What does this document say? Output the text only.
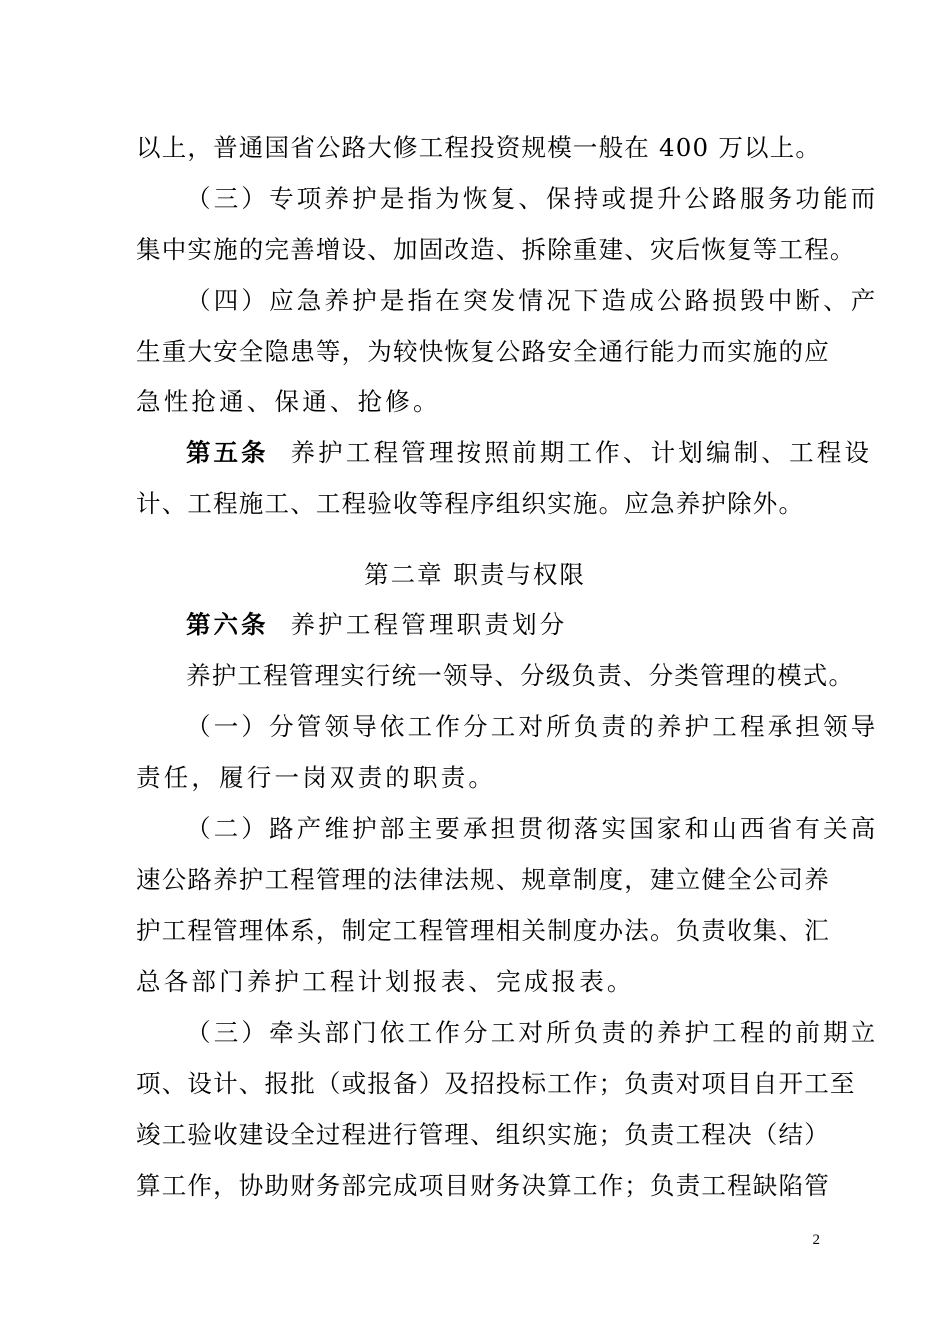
以上，普通国省公路大修工程投资规模一般在 400 万以上。
（三）专项养护是指为恢复、保持或提升公路服务功能而
集中实施的完善增设、加固改造、拆除重建、灾后恢复等工程。
（四）应急养护是指在突发情况下造成公路损毁中断、产
生重大安全隐患等，为较快恢复公路安全通行能力而实施的应
急性抢通、保通、抢修。
第五条 养护工程管理按照前期工作、计划编制、工程设
计、工程施工、工程验收等程序组织实施。应急养护除外。
第二章 职责与权限
第六条 养护工程管理职责划分
养护工程管理实行统一领导、分级负责、分类管理的模式。
（一）分管领导依工作分工对所负责的养护工程承担领导
责任，履行一岗双责的职责。
（二）路产维护部主要承担贯彻落实国家和山西省有关高
速公路养护工程管理的法律法规、规章制度，建立健全公司养
护工程管理体系，制定工程管理相关制度办法。负责收集、汇
总各部门养护工程计划报表、完成报表。
（三）牵头部门依工作分工对所负责的养护工程的前期立
项、设计、报批（或报备）及招投标工作；负责对项目自开工至
竣工验收建设全过程进行管理、组织实施；负责工程决（结）
算工作，协助财务部完成项目财务决算工作；负责工程缺陷管
2
